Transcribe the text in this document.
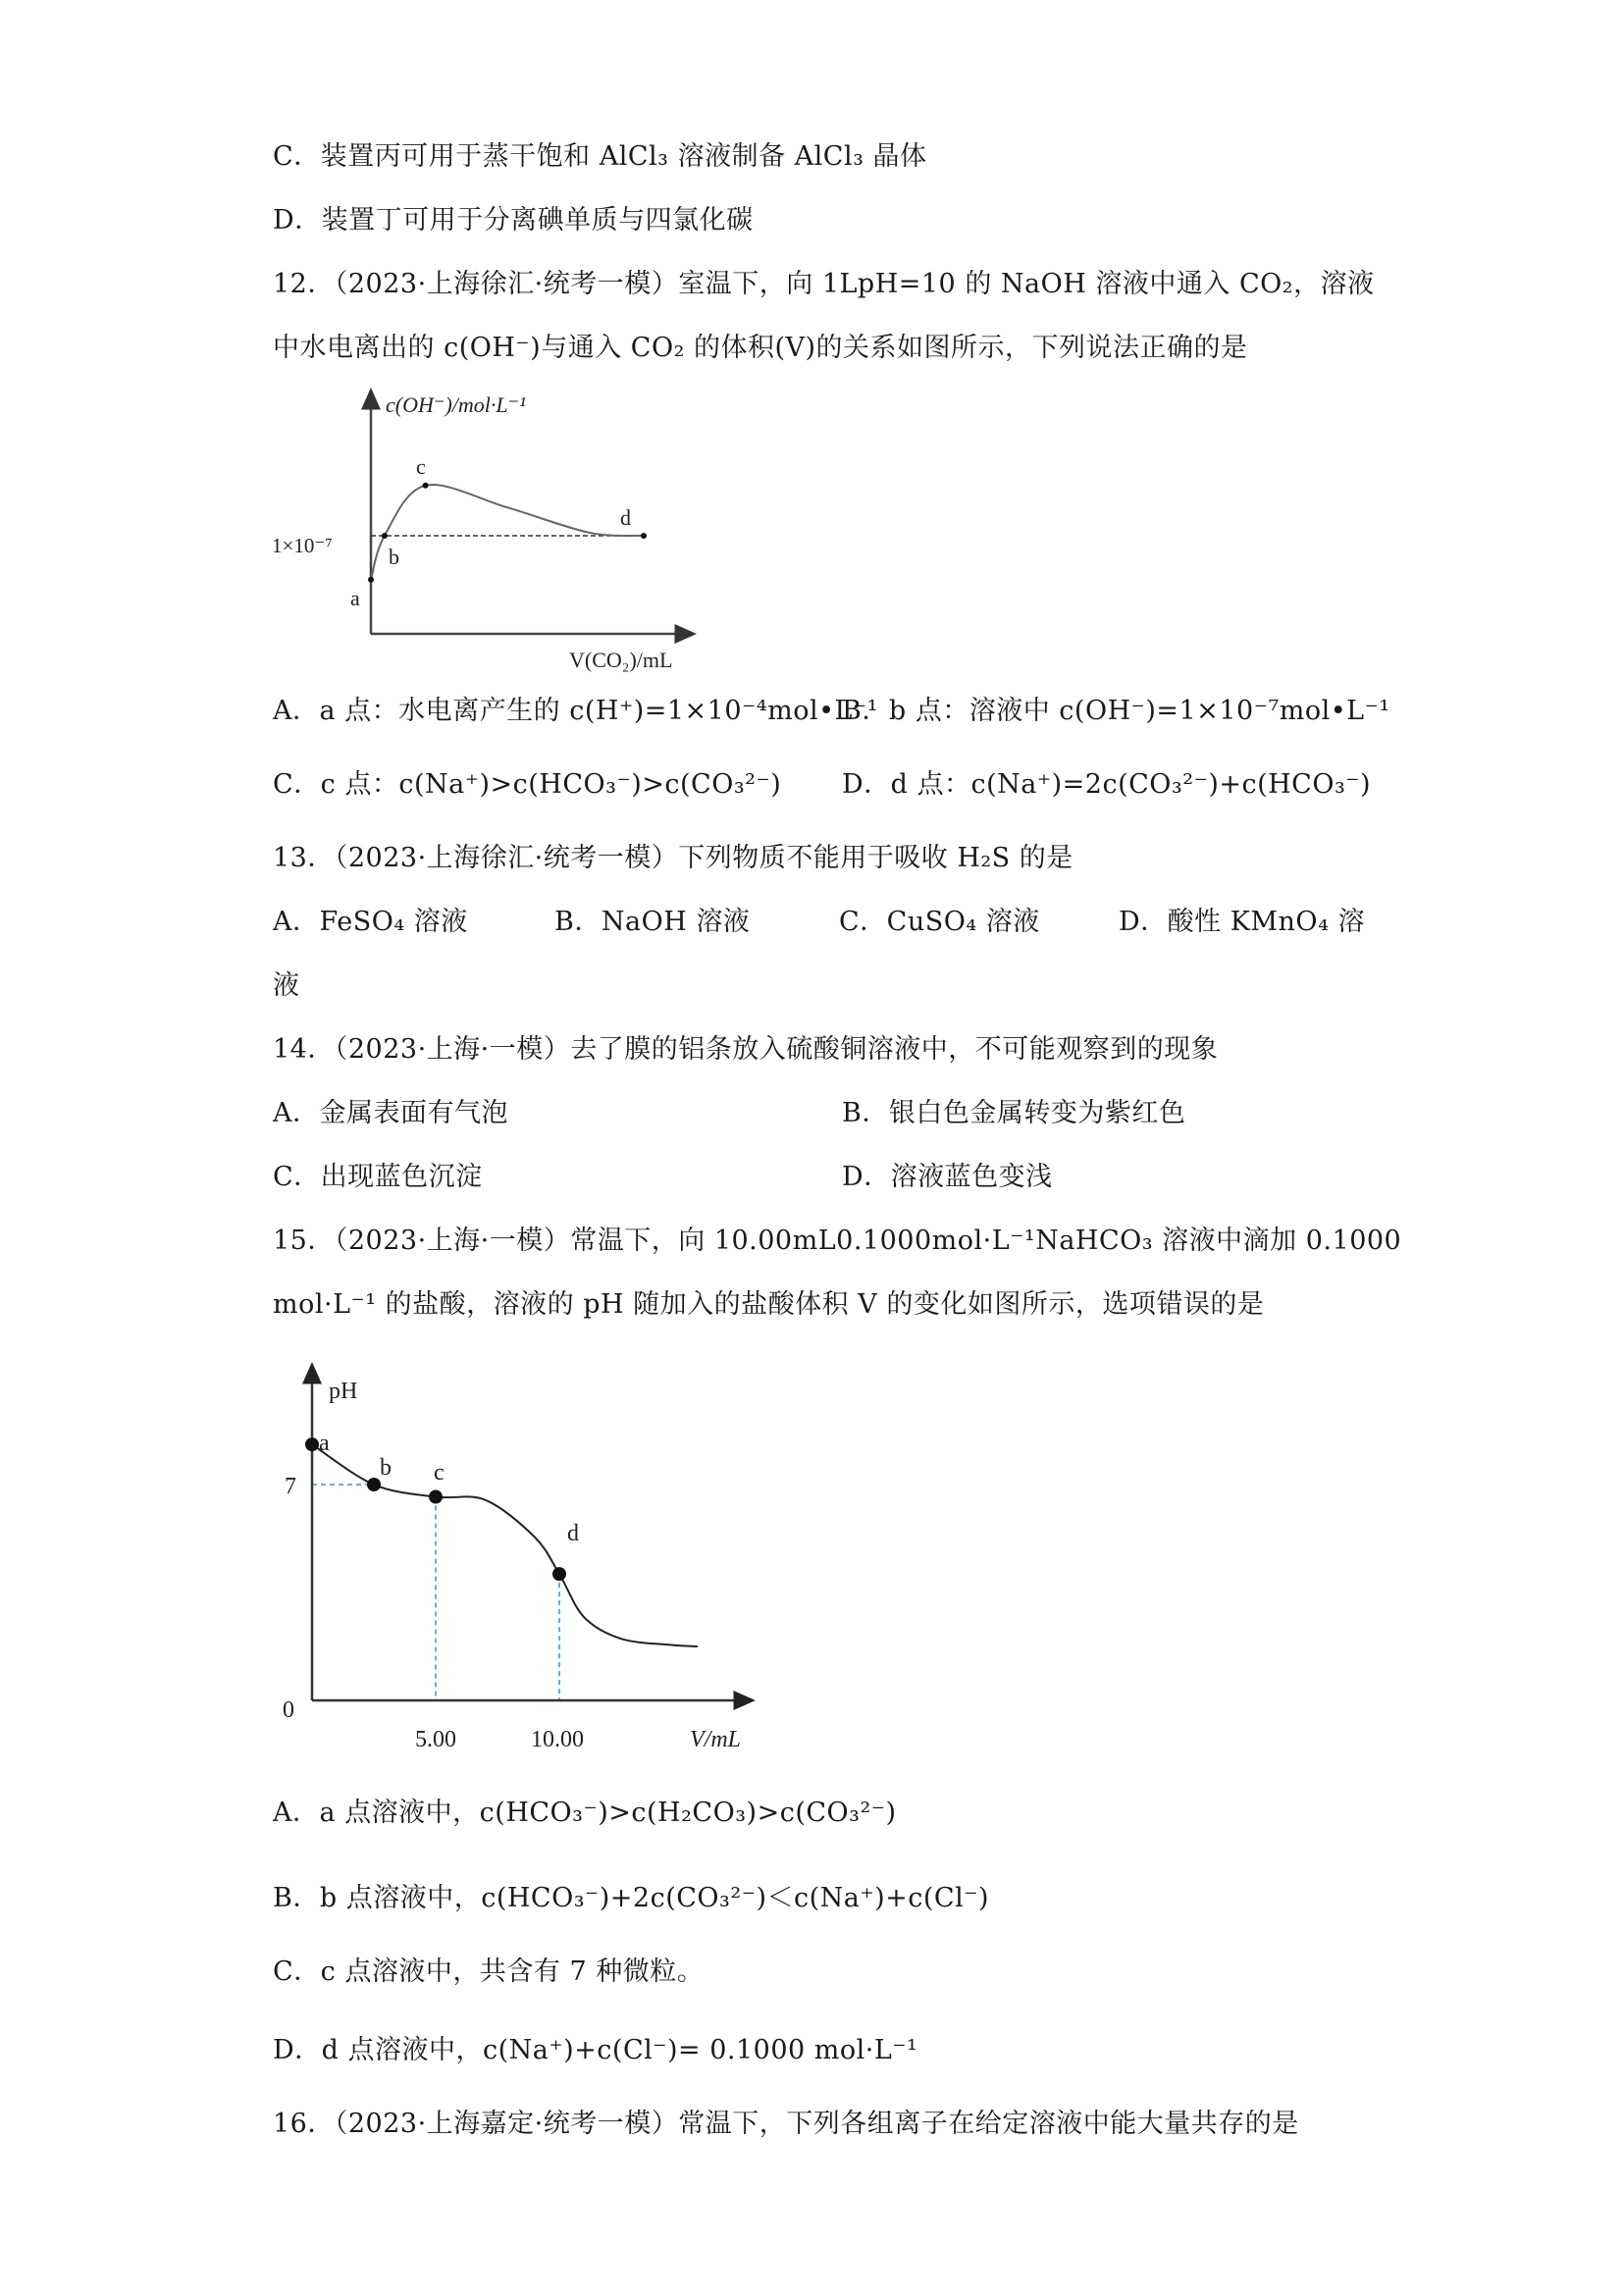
C．装置丙可用于蒸干饱和 AlCl₃ 溶液制备 AlCl₃ 晶体
D．装置丁可用于分离碘单质与四氯化碳
12．（2023·上海徐汇·统考一模）室温下，向 1LpH=10 的 NaOH 溶液中通入 CO₂，溶液
中水电离出的 c(OH⁻)与通入 CO₂ 的体积(V)的关系如图所示，下列说法正确的是
c(OH⁻)/mol·L⁻¹
1×10⁻⁷
V(CO₂)/mL
a
b
c
d
A．a 点：水电离产生的 c(H⁺)=1×10⁻⁴mol•L⁻¹
B．b 点：溶液中 c(OH⁻)=1×10⁻⁷mol•L⁻¹
C．c 点：c(Na⁺)>c(HCO₃⁻)>c(CO₃²⁻) D．d 点：c(Na⁺)=2c(CO₃²⁻)+c(HCO₃⁻)
13．（2023·上海徐汇·统考一模）下列物质不能用于吸收 H₂S 的是
A．FeSO₄ 溶液	B．NaOH 溶液	C．CuSO₄ 溶液	D．酸性 KMnO₄ 溶
液
14．（2023·上海·一模）去了膜的铝条放入硫酸铜溶液中，不可能观察到的现象
A．金属表面有气泡	B．银白色金属转变为紫红色
C．出现蓝色沉淀	D．溶液蓝色变浅
15．（2023·上海·一模）常温下，向 10.00mL0.1000mol·L⁻¹NaHCO₃ 溶液中滴加 0.1000
mol·L⁻¹ 的盐酸，溶液的 pH 随加入的盐酸体积 V 的变化如图所示，选项错误的是
pH
0
7
5.00	10.00	V/mL
a
b c
d
A．a 点溶液中，c(HCO₃⁻)>c(H₂CO₃)>c(CO₃²⁻)
B．b 点溶液中，c(HCO₃⁻)+2c(CO₃²⁻)＜c(Na⁺)+c(Cl⁻)
C．c 点溶液中，共含有 7 种微粒。
D．d 点溶液中，c(Na⁺)+c(Cl⁻)= 0.1000 mol·L⁻¹
16．（2023·上海嘉定·统考一模）常温下，下列各组离子在给定溶液中能大量共存的是
